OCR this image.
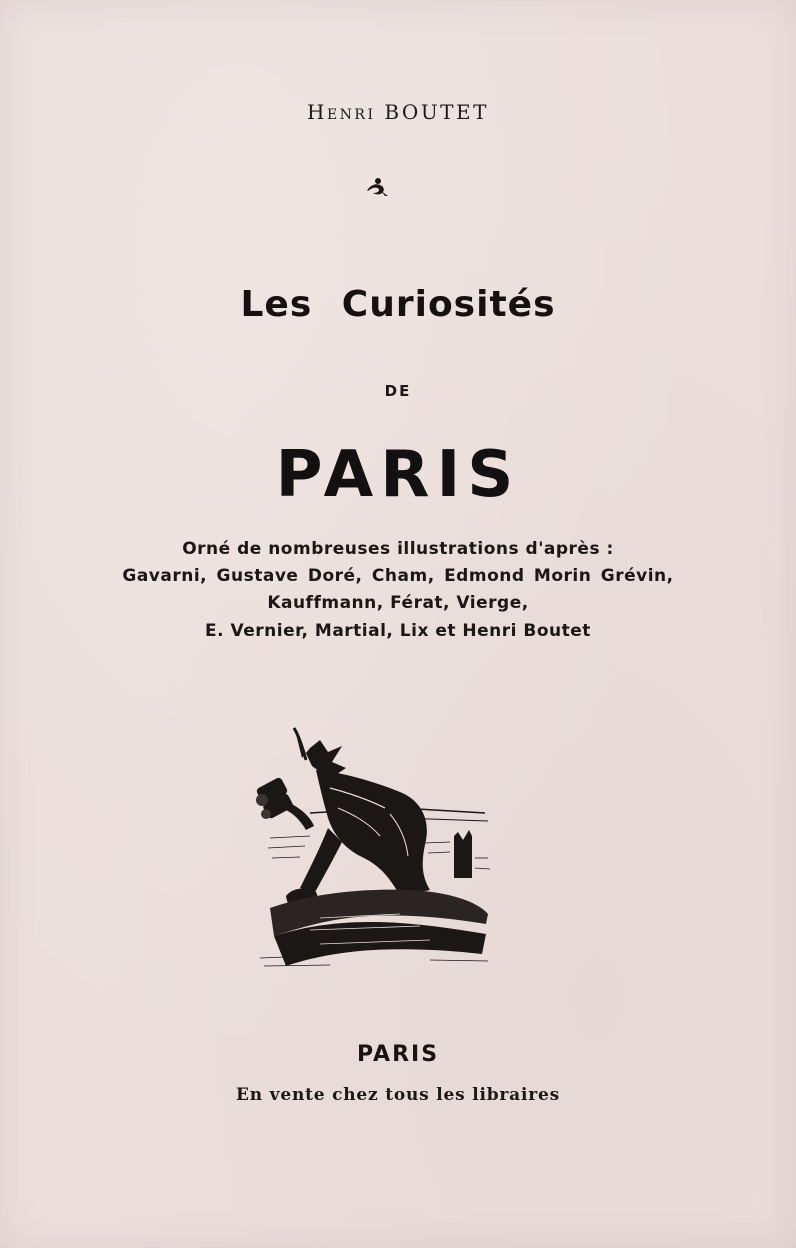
Henri BOUTET
Les Curiosités
DE
PARIS
Orné de nombreuses illustrations d'après :
Gavarni, Gustave Doré, Cham, Edmond Morin Grévin,
Kauffmann, Férat, Vierge,
E. Vernier, Martial, Lix et Henri Boutet
PARIS
En vente chez tous les libraires
